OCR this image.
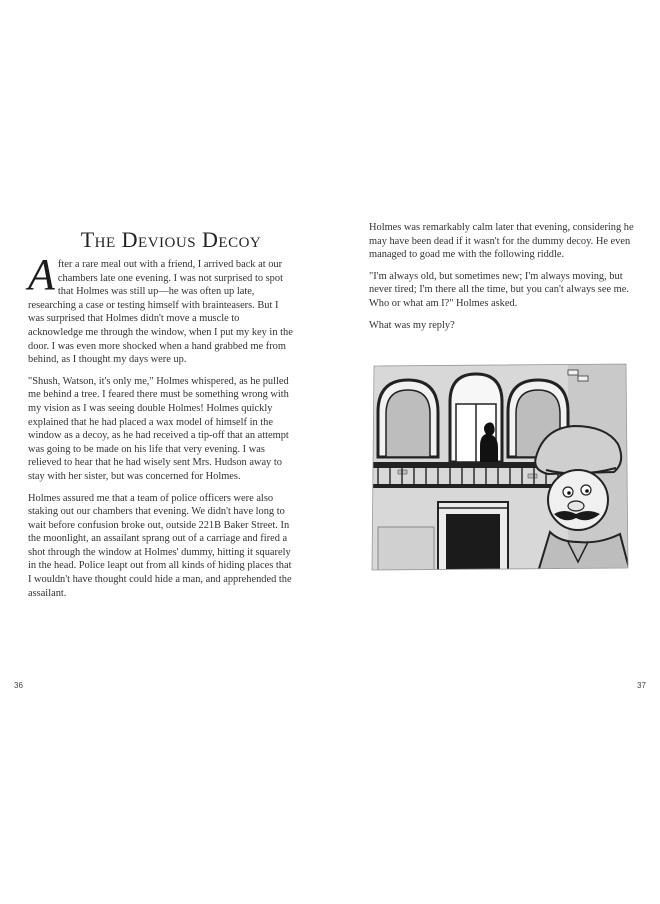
The Devious Decoy

After a rare meal out with a friend, I arrived back at our chambers late one evening. I was not surprised to spot that Holmes was still up—he was often up late, researching a case or testing himself with brainteasers. But I was surprised that Holmes didn't move a muscle to acknowledge me through the window, when I put my key in the door. I was even more shocked when a hand grabbed me from behind, as I thought my days were up.

"Shush, Watson, it's only me," Holmes whispered, as he pulled me behind a tree. I feared there must be something wrong with my vision as I was seeing double Holmes! Holmes quickly explained that he had placed a wax model of himself in the window as a decoy, as he had received a tip-off that an attempt was going to be made on his life that very evening. I was relieved to hear that he had wisely sent Mrs. Hudson away to stay with her sister, but was concerned for Holmes.

Holmes assured me that a team of police officers were also staking out our chambers that evening. We didn't have long to wait before confusion broke out, outside 221B Baker Street. In the moonlight, an assailant sprang out of a carriage and fired a shot through the window at Holmes' dummy, hitting it squarely in the head. Police leapt out from all kinds of hiding places that I wouldn't have thought could hide a man, and apprehended the assailant.

36

Holmes was remarkably calm later that evening, considering he may have been dead if it wasn't for the dummy decoy. He even managed to goad me with the following riddle.

"I'm always old, but sometimes new; I'm always moving, but never tired; I'm there all the time, but you can't always see me. Who or what am I?" Holmes asked.

What was my reply?

37
